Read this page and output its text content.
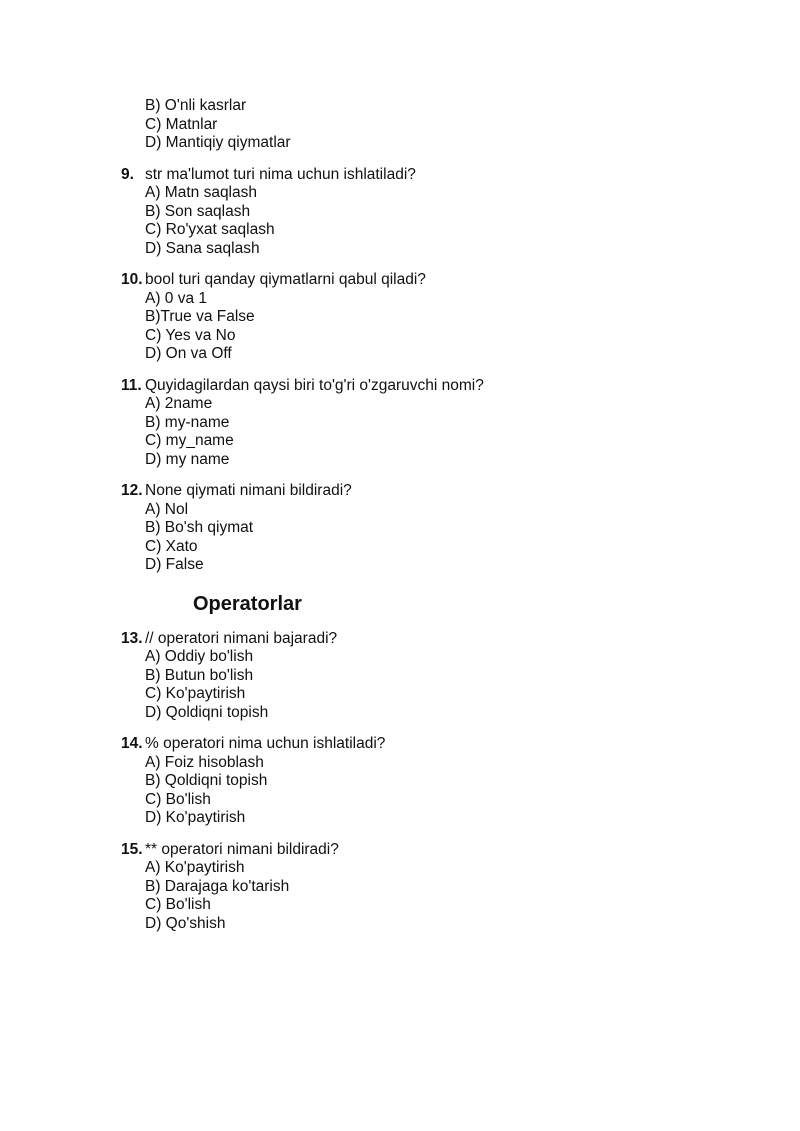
B) O'nli kasrlar
C) Matnlar
D) Mantiqiy qiymatlar
9. str ma'lumot turi nima uchun ishlatiladi?
A) Matn saqlash
B) Son saqlash
C) Ro'yxat saqlash
D) Sana saqlash
10. bool turi qanday qiymatlarni qabul qiladi?
A) 0 va 1
B)True va False
C) Yes va No
D) On va Off
11. Quyidagilardan qaysi biri to'g'ri o'zgaruvchi nomi?
A) 2name
B) my-name
C) my_name
D) my name
12. None qiymati nimani bildiradi?
A) Nol
B) Bo'sh qiymat
C) Xato
D) False
Operatorlar
13. // operatori nimani bajaradi?
A) Oddiy bo'lish
B) Butun bo'lish
C) Ko'paytirish
D) Qoldiqni topish
14. % operatori nima uchun ishlatiladi?
A) Foiz hisoblash
B) Qoldiqni topish
C) Bo'lish
D) Ko'paytirish
15. ** operatori nimani bildiradi?
A) Ko'paytirish
B) Darajaga ko'tarish
C) Bo'lish
D) Qo'shish
